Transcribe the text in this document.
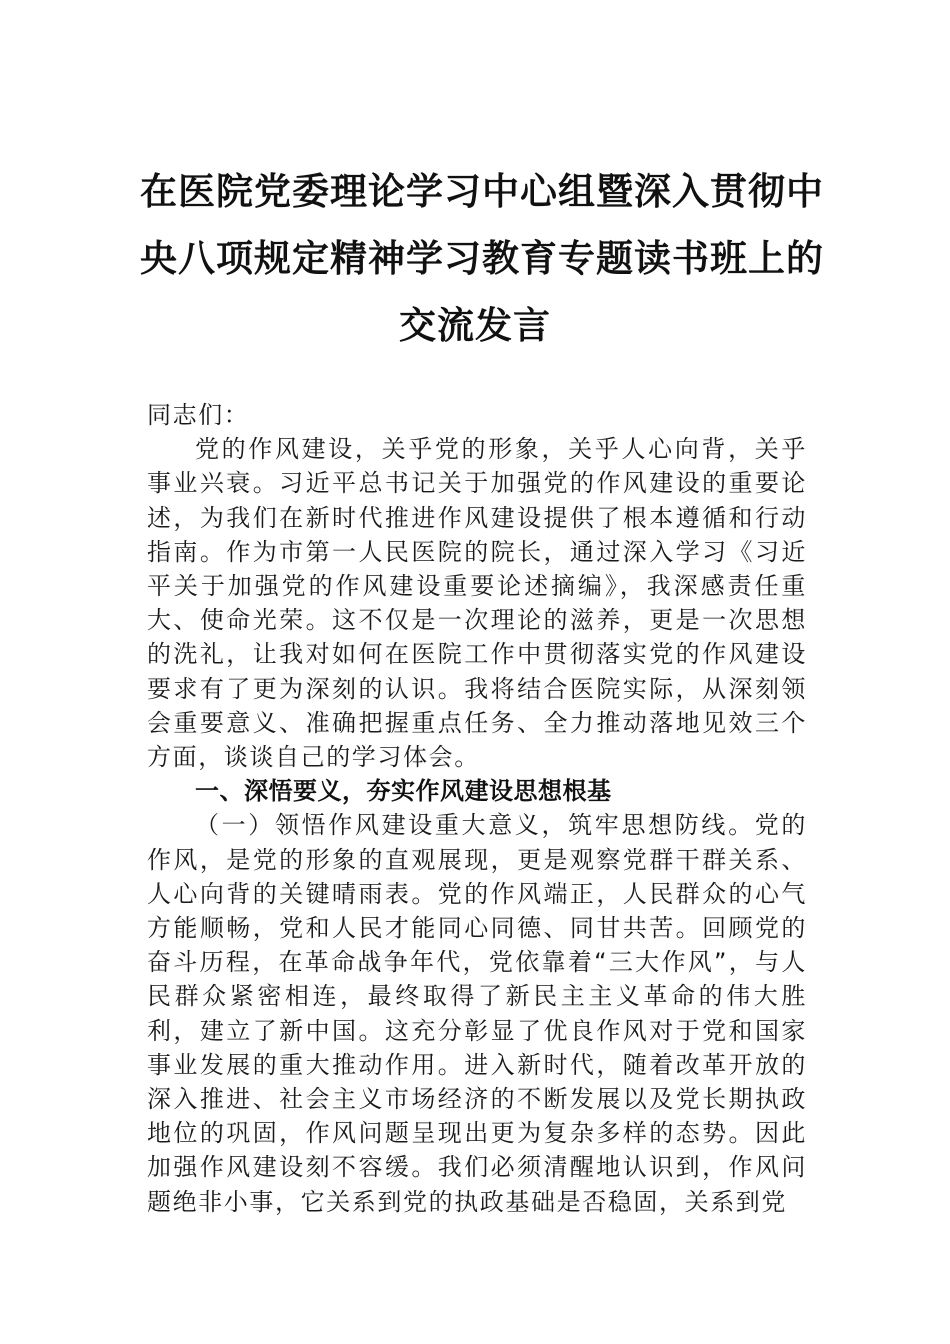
在医院党委理论学习中心组暨深入贯彻中
央八项规定精神学习教育专题读书班上的
交流发言

同志们：

党的作风建设，关乎党的形象，关乎人心向背，关乎事业兴衰。习近平总书记关于加强党的作风建设的重要论述，为我们在新时代推进作风建设提供了根本遵循和行动指南。作为市第一人民医院的院长，通过深入学习《习近平关于加强党的作风建设重要论述摘编》，我深感责任重大、使命光荣。这不仅是一次理论的滋养，更是一次思想的洗礼，让我对如何在医院工作中贯彻落实党的作风建设要求有了更为深刻的认识。我将结合医院实际，从深刻领会重要意义、准确把握重点任务、全力推动落地见效三个方面，谈谈自己的学习体会。

一、深悟要义，夯实作风建设思想根基

（一）领悟作风建设重大意义，筑牢思想防线。党的作风，是党的形象的直观展现，更是观察党群干群关系、人心向背的关键晴雨表。党的作风端正，人民群众的心气方能顺畅，党和人民才能同心同德、同甘共苦。回顾党的奋斗历程，在革命战争年代，党依靠着“三大作风”，与人民群众紧密相连，最终取得了新民主主义革命的伟大胜利，建立了新中国。这充分彰显了优良作风对于党和国家事业发展的重大推动作用。进入新时代，随着改革开放的深入推进、社会主义市场经济的不断发展以及党长期执政地位的巩固，作风问题呈现出更为复杂多样的态势。因此加强作风建设刻不容缓。我们必须清醒地认识到，作风问题绝非小事，它关系到党的执政基础是否稳固，关系到党
